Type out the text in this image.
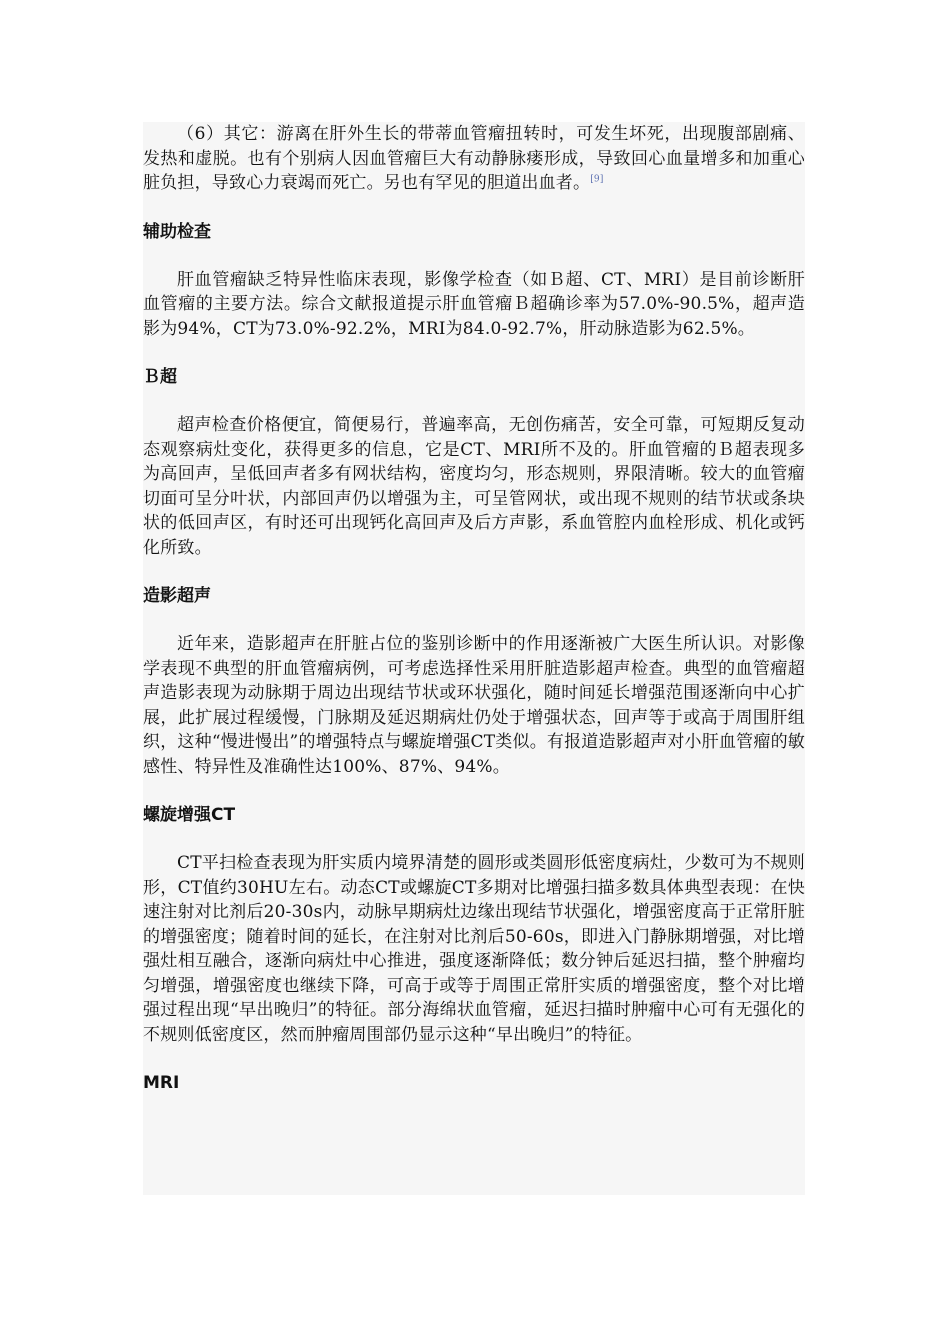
（6）其它：游离在肝外生长的带蒂血管瘤扭转时，可发生坏死，出现腹部剧痛、发热和虚脱。也有个别病人因血管瘤巨大有动静脉瘘形成，导致回心血量增多和加重心脏负担，导致心力衰竭而死亡。另也有罕见的胆道出血者。[9]

辅助检查

肝血管瘤缺乏特异性临床表现，影像学检查（如Ｂ超、CT、MRI）是目前诊断肝血管瘤的主要方法。综合文献报道提示肝血管瘤Ｂ超确诊率为57.0%-90.5%，超声造影为94%，CT为73.0%-92.2%，MRI为84.0-92.7%，肝动脉造影为62.5%。

Ｂ超

超声检查价格便宜，简便易行，普遍率高，无创伤痛苦，安全可靠，可短期反复动态观察病灶变化，获得更多的信息，它是CT、MRI所不及的。肝血管瘤的Ｂ超表现多为高回声，呈低回声者多有网状结构，密度均匀，形态规则，界限清晰。较大的血管瘤切面可呈分叶状，内部回声仍以增强为主，可呈管网状，或出现不规则的结节状或条块状的低回声区，有时还可出现钙化高回声及后方声影，系血管腔内血栓形成、机化或钙化所致。

造影超声

近年来，造影超声在肝脏占位的鉴别诊断中的作用逐渐被广大医生所认识。对影像学表现不典型的肝血管瘤病例，可考虑选择性采用肝脏造影超声检查。典型的血管瘤超声造影表现为动脉期于周边出现结节状或环状强化，随时间延长增强范围逐渐向中心扩展，此扩展过程缓慢，门脉期及延迟期病灶仍处于增强状态，回声等于或高于周围肝组织，这种“慢进慢出”的增强特点与螺旋增强CT类似。有报道造影超声对小肝血管瘤的敏感性、特异性及准确性达100%、87%、94%。

螺旋增强CT

CT平扫检查表现为肝实质内境界清楚的圆形或类圆形低密度病灶，少数可为不规则形，CT值约30HU左右。动态CT或螺旋CT多期对比增强扫描多数具体典型表现：在快速注射对比剂后20-30s内，动脉早期病灶边缘出现结节状强化，增强密度高于正常肝脏的增强密度；随着时间的延长，在注射对比剂后50-60s，即进入门静脉期增强，对比增强灶相互融合，逐渐向病灶中心推进，强度逐渐降低；数分钟后延迟扫描，整个肿瘤均匀增强，增强密度也继续下降，可高于或等于周围正常肝实质的增强密度，整个对比增强过程出现“早出晚归”的特征。部分海绵状血管瘤，延迟扫描时肿瘤中心可有无强化的不规则低密度区，然而肿瘤周围部仍显示这种“早出晚归”的特征。

MRI
